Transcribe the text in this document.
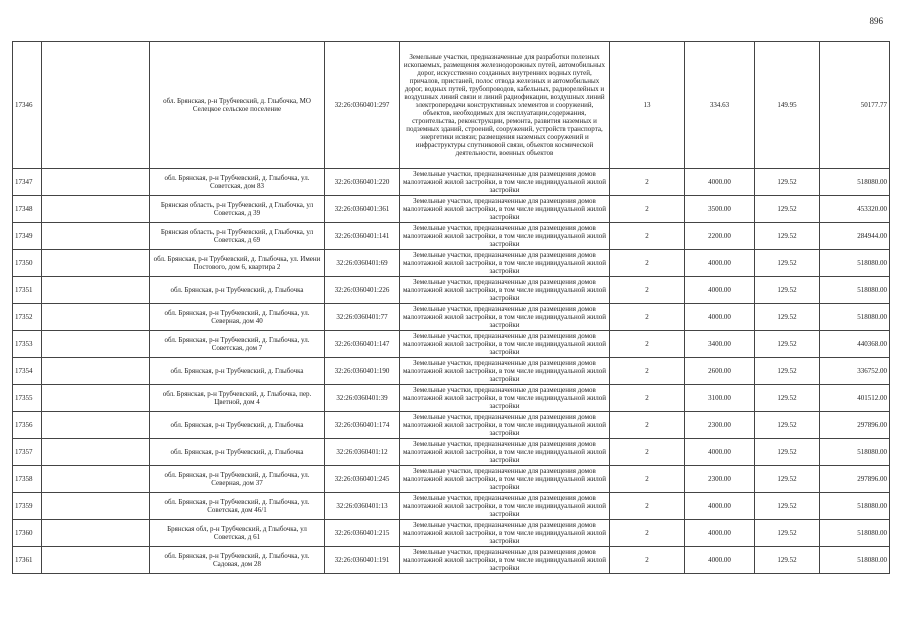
896
17346		обл. Брянская, р-н Трубчевский, д. Глыбочка, МО Селецкое сельское поселение	32:26:0360401:297	Земельные участки, предназначенные для разработки полезных ископаемых, размещения железнодорожных путей, автомобильных дорог, искусственно созданных внутренних водных путей, причалов, пристаней, полос отвода железных и автомобильных дорог, водных путей, трубопроводов, кабельных, радиорелейных и воздушных линий связи и линий радиофикации, воздушных линий электропередачи конструктивных элементов и сооружений, объектов, необходимых для эксплуатации,содержания, строительства, реконструкции, ремонта, развития наземных и подземных зданий, строений, сооружений, устройств транспорта, энергетики исвязи; размещения наземных сооружений и инфраструктуры спутниковой связи, объектов космической деятельности, военных объектов	13	334.63	149.95	50177.77
17347		обл. Брянская, р-н Трубчевский, д. Глыбочка, ул. Советская, дом 83	32:26:0360401:220	Земельные участки, предназначенные для размещения домов малоэтажной жилой застройки, в том числе индивидуальной жилой застройки	2	4000.00	129.52	518080.00
17348		Брянская область, р-н Трубчевский, д Глыбочка, ул Советская, д 39	32:26:0360401:361	Земельные участки, предназначенные для размещения домов малоэтажной жилой застройки, в том числе индивидуальной жилой застройки	2	3500.00	129.52	453320.00
17349		Брянская область, р-н Трубчевский, д Глыбочка, ул Советская, д 69	32:26:0360401:141	Земельные участки, предназначенные для размещения домов малоэтажной жилой застройки, в том числе индивидуальной жилой застройки	2	2200.00	129.52	284944.00
17350		обл. Брянская, р-н Трубчевский, д. Глыбочка, ул. Имени Постового, дом 6, квартира 2	32:26:0360401:69	Земельные участки, предназначенные для размещения домов малоэтажной жилой застройки, в том числе индивидуальной жилой застройки	2	4000.00	129.52	518080.00
17351		обл. Брянская, р-н Трубчевский, д. Глыбочка	32:26:0360401:226	Земельные участки, предназначенные для размещения домов малоэтажной жилой застройки, в том числе индивидуальной жилой застройки	2	4000.00	129.52	518080.00
17352		обл. Брянская, р-н Трубчевский, д. Глыбочка, ул. Северная, дом 40	32:26:0360401:77	Земельные участки, предназначенные для размещения домов малоэтажной жилой застройки, в том числе индивидуальной жилой застройки	2	4000.00	129.52	518080.00
17353		обл. Брянская, р-н Трубчевский, д. Глыбочка, ул. Советская, дом 7	32:26:0360401:147	Земельные участки, предназначенные для размещения домов малоэтажной жилой застройки, в том числе индивидуальной жилой застройки	2	3400.00	129.52	440368.00
17354		обл. Брянская, р-н Трубчевский, д. Глыбочка	32:26:0360401:190	Земельные участки, предназначенные для размещения домов малоэтажной жилой застройки, в том числе индивидуальной жилой застройки	2	2600.00	129.52	336752.00
17355		обл. Брянская, р-н Трубчевский, д. Глыбочка, пер. Цветной, дом 4	32:26:0360401:39	Земельные участки, предназначенные для размещения домов малоэтажной жилой застройки, в том числе индивидуальной жилой застройки	2	3100.00	129.52	401512.00
17356		обл. Брянская, р-н Трубчевский, д. Глыбочка	32:26:0360401:174	Земельные участки, предназначенные для размещения домов малоэтажной жилой застройки, в том числе индивидуальной жилой застройки	2	2300.00	129.52	297896.00
17357		обл. Брянская, р-н Трубчевский, д. Глыбочка	32:26:0360401:12	Земельные участки, предназначенные для размещения домов малоэтажной жилой застройки, в том числе индивидуальной жилой застройки	2	4000.00	129.52	518080.00
17358		обл. Брянская, р-н Трубчевский, д. Глыбочка, ул. Северная, дом 37	32:26:0360401:245	Земельные участки, предназначенные для размещения домов малоэтажной жилой застройки, в том числе индивидуальной жилой застройки	2	2300.00	129.52	297896.00
17359		обл. Брянская, р-н Трубчевский, д. Глыбочка, ул. Советская, дом 46/1	32:26:0360401:13	Земельные участки, предназначенные для размещения домов малоэтажной жилой застройки, в том числе индивидуальной жилой застройки	2	4000.00	129.52	518080.00
17360		Брянская обл, р-н Трубчевский, д Глыбочка, ул Советская, д 61	32:26:0360401:215	Земельные участки, предназначенные для размещения домов малоэтажной жилой застройки, в том числе индивидуальной жилой застройки	2	4000.00	129.52	518080.00
17361		обл. Брянская, р-н Трубчевский, д. Глыбочка, ул. Садовая, дом 28	32:26:0360401:191	Земельные участки, предназначенные для размещения домов малоэтажной жилой застройки, в том числе индивидуальной жилой застройки	2	4000.00	129.52	518080.00
